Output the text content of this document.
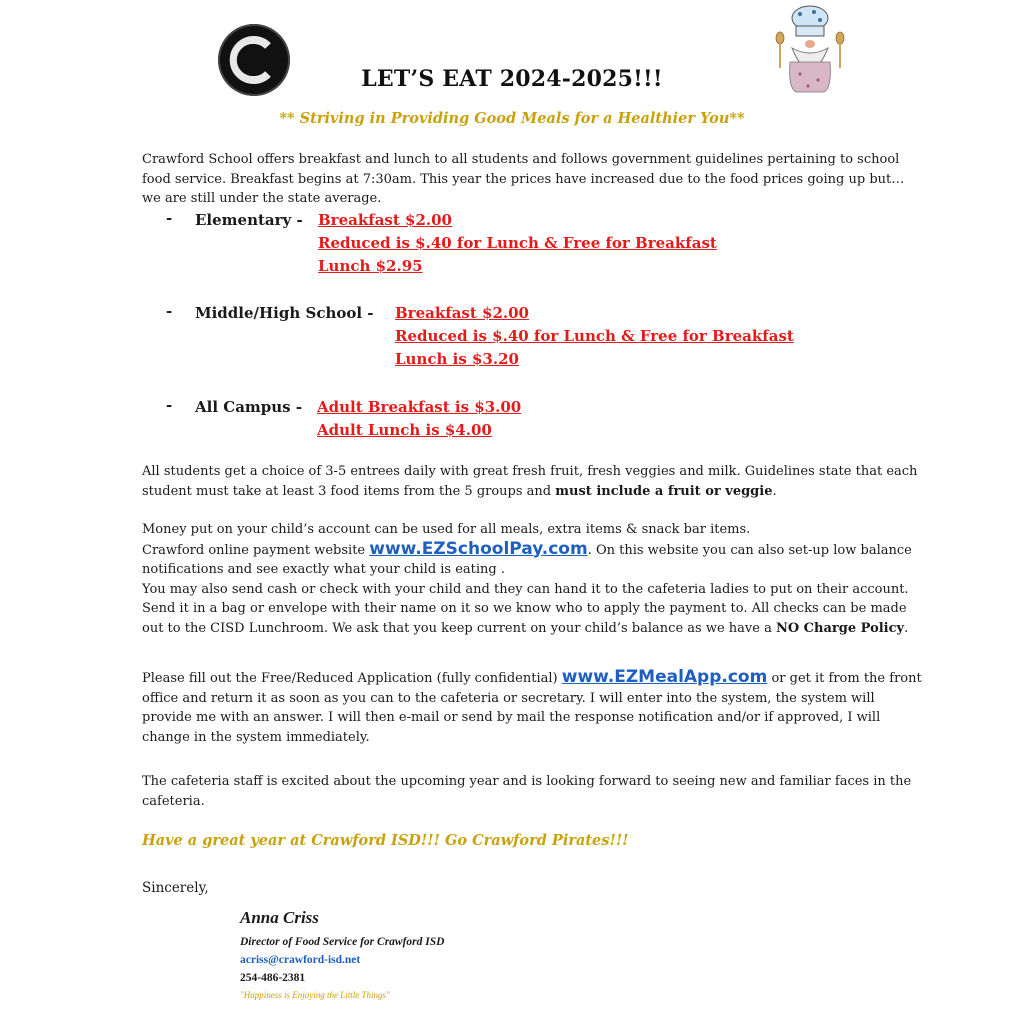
LET’S EAT 2024-2025!!!
** Striving in Providing Good Meals for a Healthier You**
Crawford School offers breakfast and lunch to all students and follows government guidelines pertaining to school food service. Breakfast begins at 7:30am. This year the prices have increased due to the food prices going up but…we are still under the state average.
- Elementary - Breakfast $2.00
Reduced is $.40 for Lunch & Free for Breakfast
Lunch $2.95
- Middle/High School - Breakfast $2.00
Reduced is $.40 for Lunch & Free for Breakfast
Lunch is $3.20
- All Campus - Adult Breakfast is $3.00
Adult Lunch is $4.00
All students get a choice of 3-5 entrees daily with great fresh fruit, fresh veggies and milk. Guidelines state that each student must take at least 3 food items from the 5 groups and must include a fruit or veggie.
Money put on your child’s account can be used for all meals, extra items & snack bar items.
Crawford online payment website www.EZSchoolPay.com. On this website you can also set-up low balance notifications and see exactly what your child is eating .
You may also send cash or check with your child and they can hand it to the cafeteria ladies to put on their account. Send it in a bag or envelope with their name on it so we know who to apply the payment to. All checks can be made out to the CISD Lunchroom. We ask that you keep current on your child’s balance as we have a NO Charge Policy.
Please fill out the Free/Reduced Application (fully confidential) www.EZMealApp.com or get it from the front office and return it as soon as you can to the cafeteria or secretary. I will enter into the system, the system will provide me with an answer. I will then e-mail or send by mail the response notification and/or if approved, I will change in the system immediately.
The cafeteria staff is excited about the upcoming year and is looking forward to seeing new and familiar faces in the cafeteria.
Have a great year at Crawford ISD!!! Go Crawford Pirates!!!
Sincerely,
Anna Criss
Director of Food Service for Crawford ISD
acriss@crawford-isd.net
254-486-2381
"Happiness is Enjoying the Little Things"
